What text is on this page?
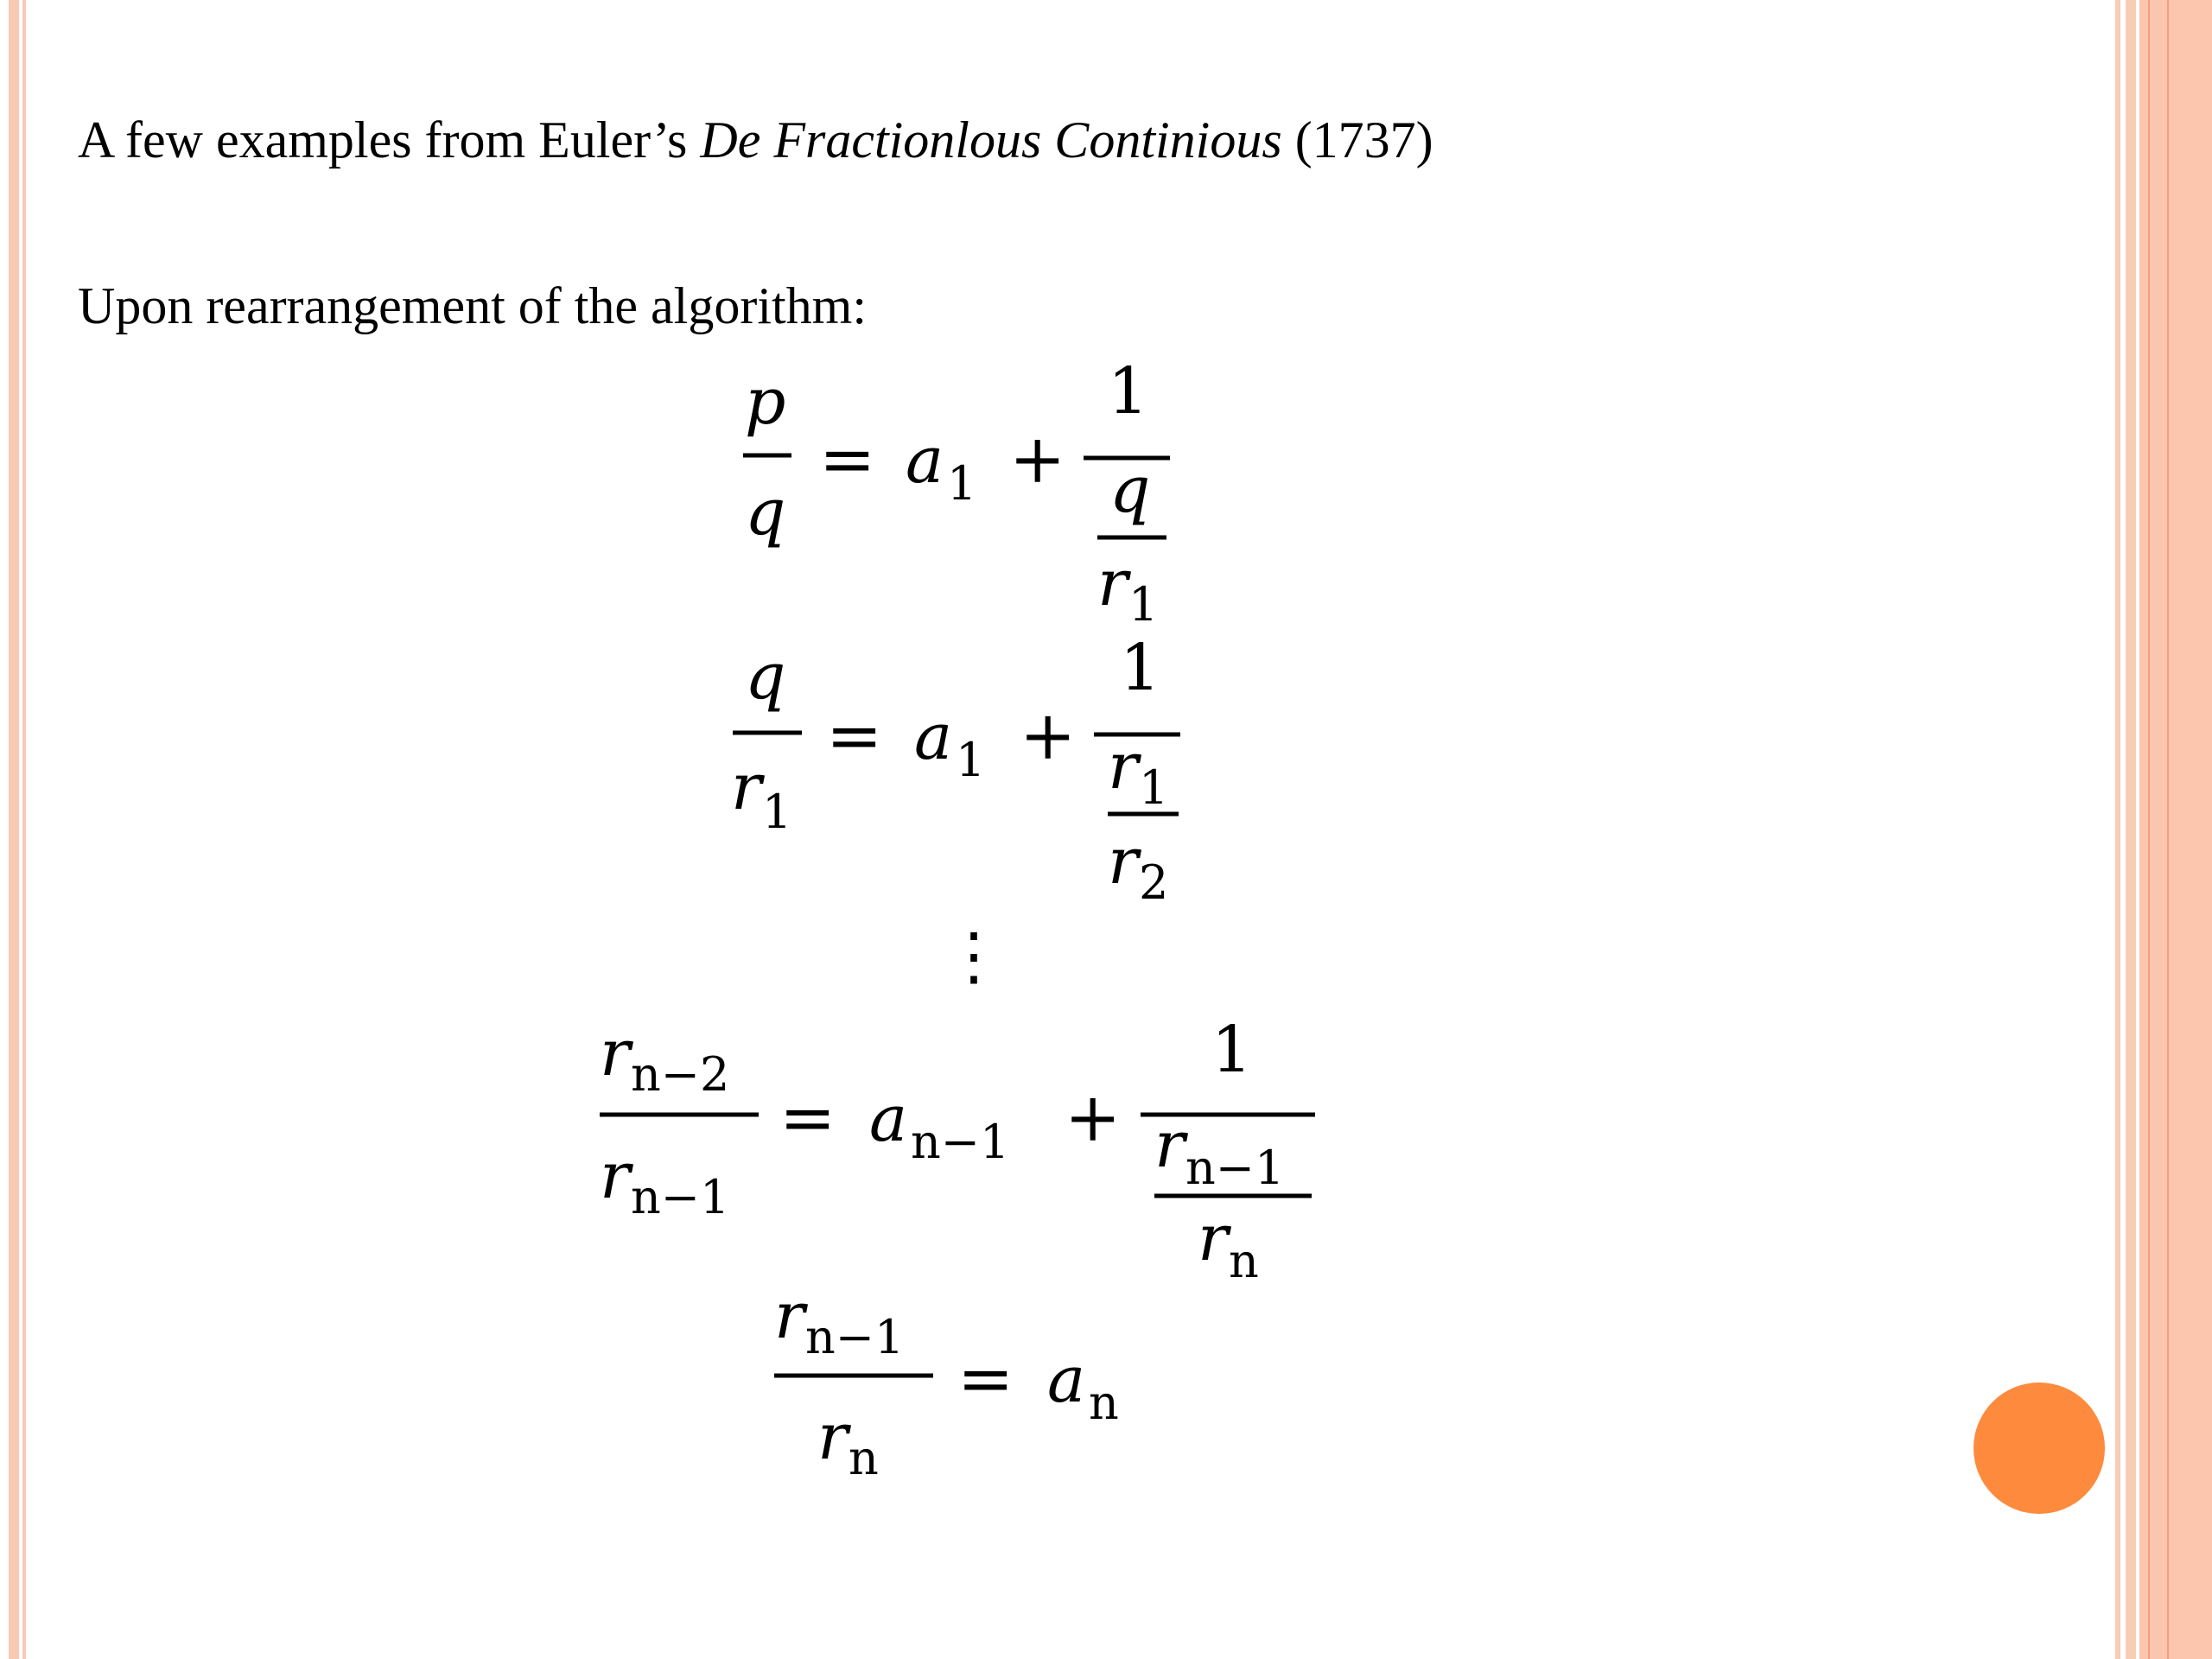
A few examples from Euler’s De Fractionlous Continious (1737)
Upon rearrangement of the algorithm:
p
q
= a 1 +
1
q
r 1
q
r 1
= a 1 +
1
r 1
r 2
⋮
r n−2
r n−1
= a n−1 +
1
r n−1
r n
r n−1
r n
= a n
